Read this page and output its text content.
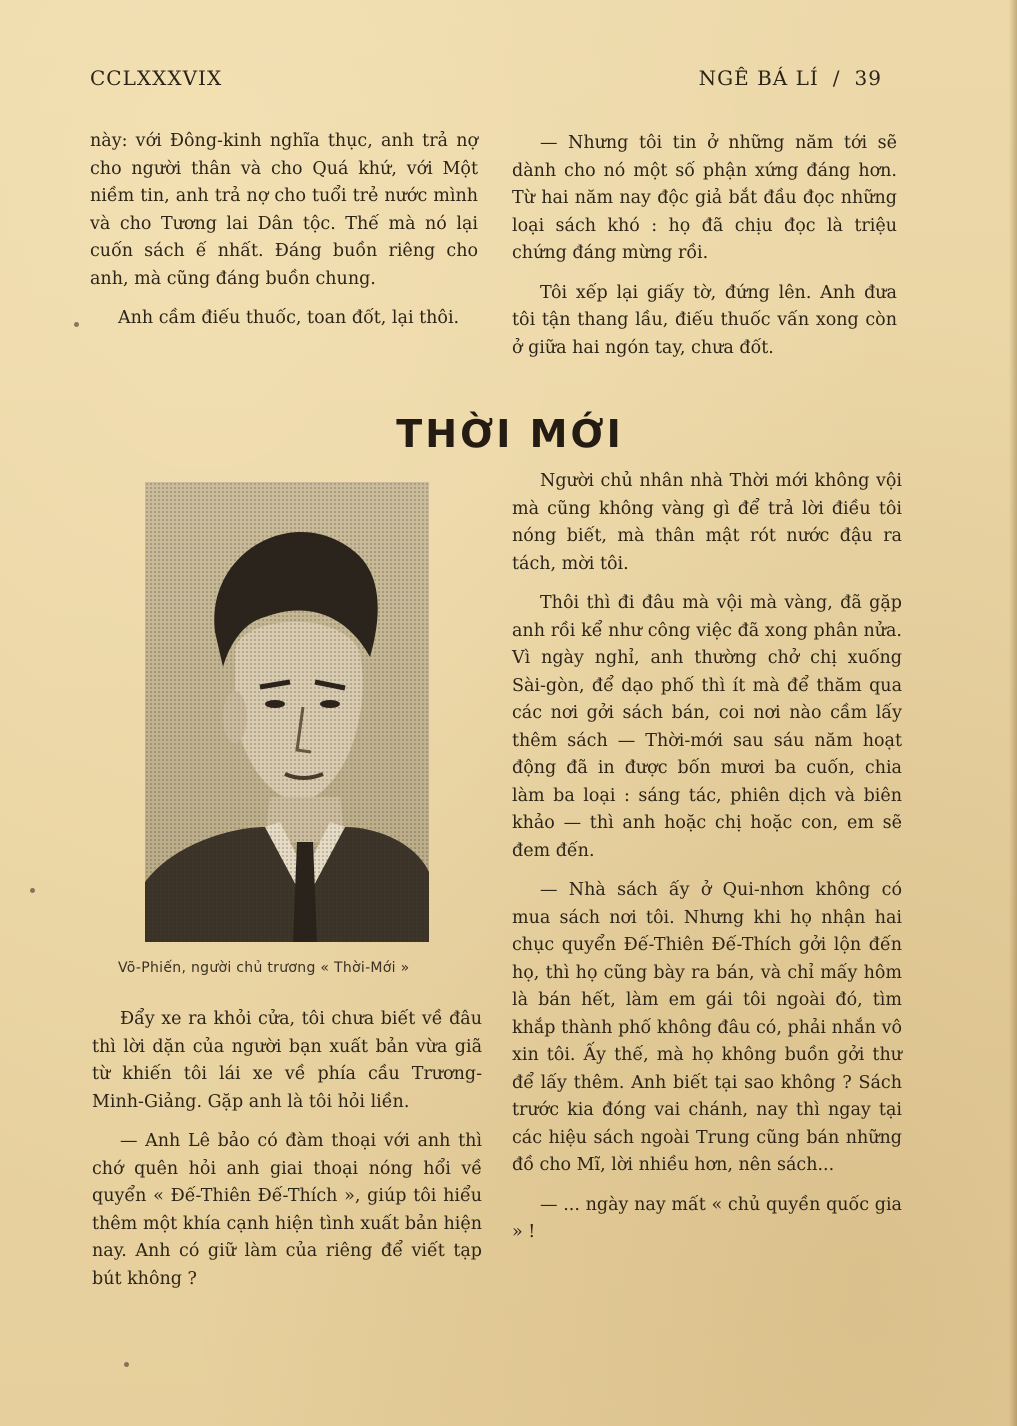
CCLXXXVIX	NGÊ BÁ LÍ / 39

này: với Đông-kinh nghĩa thục, anh trả nợ cho người thân và cho Quá khứ, với Một niềm tin, anh trả nợ cho tuổi trẻ nước mình và cho Tương lai Dân tộc. Thế mà nó lại cuốn sách ế nhất. Đáng buồn riêng cho anh, mà cũng đáng buồn chung.

Anh cầm điếu thuốc, toan đốt, lại thôi.

— Nhưng tôi tin ở những năm tới sẽ dành cho nó một số phận xứng đáng hơn. Từ hai năm nay độc giả bắt đầu đọc những loại sách khó : họ đã chịu đọc là triệu chứng đáng mừng rồi.

Tôi xếp lại giấy tờ, đứng lên. Anh đưa tôi tận thang lầu, điếu thuốc vấn xong còn ở giữa hai ngón tay, chưa đốt.

THỜI MỚI
Võ-Phiến, người chủ trương « Thời-Mới »

Đẩy xe ra khỏi cửa, tôi chưa biết về đâu thì lời dặn của người bạn xuất bản vừa giã từ khiến tôi lái xe về phía cầu Trương-Minh-Giảng. Gặp anh là tôi hỏi liền.

— Anh Lê bảo có đàm thoại với anh thì chớ quên hỏi anh giai thoại nóng hổi về quyển « Đế-Thiên Đế-Thích », giúp tôi hiểu thêm một khía cạnh hiện tình xuất bản hiện nay. Anh có giữ làm của riêng để viết tạp bút không ?

Người chủ nhân nhà Thời mới không vội mà cũng không vàng gì để trả lời điều tôi nóng biết, mà thân mật rót nước đậu ra tách, mời tôi.

Thôi thì đi đâu mà vội mà vàng, đã gặp anh rồi kể như công việc đã xong phân nửa. Vì ngày nghỉ, anh thường chở chị xuống Sài-gòn, để dạo phố thì ít mà để thăm qua các nơi gởi sách bán, coi nơi nào cầm lấy thêm sách — Thời-mới sau sáu năm hoạt động đã in được bốn mươi ba cuốn, chia làm ba loại : sáng tác, phiên dịch và biên khảo — thì anh hoặc chị hoặc con, em sẽ đem đến.

— Nhà sách ấy ở Qui-nhơn không có mua sách nơi tôi. Nhưng khi họ nhận hai chục quyển Đế-Thiên Đế-Thích gởi lộn đến họ, thì họ cũng bày ra bán, và chỉ mấy hôm là bán hết, làm em gái tôi ngoài đó, tìm khắp thành phố không đâu có, phải nhắn vô xin tôi. Ấy thế, mà họ không buồn gởi thư để lấy thêm. Anh biết tại sao không ? Sách trước kia đóng vai chánh, nay thì ngay tại các hiệu sách ngoài Trung cũng bán những đồ cho Mĩ, lời nhiều hơn, nên sách...

— ... ngày nay mất « chủ quyền quốc gia » !
